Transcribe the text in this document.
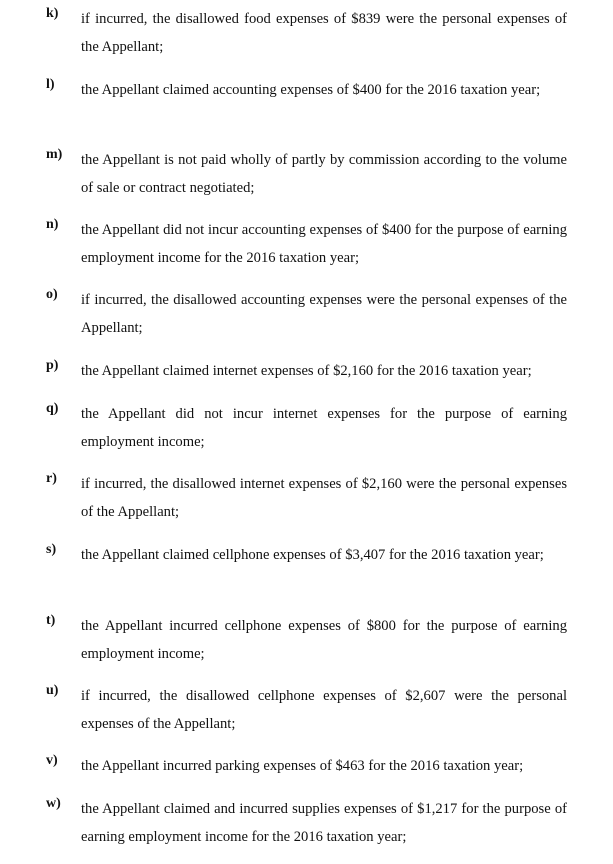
k) if incurred, the disallowed food expenses of $839 were the personal expenses of the Appellant;
l) the Appellant claimed accounting expenses of $400 for the 2016 taxation year;
m) the Appellant is not paid wholly of partly by commission according to the volume of sale or contract negotiated;
n) the Appellant did not incur accounting expenses of $400 for the purpose of earning employment income for the 2016 taxation year;
o) if incurred, the disallowed accounting expenses were the personal expenses of the Appellant;
p) the Appellant claimed internet expenses of $2,160 for the 2016 taxation year;
q) the Appellant did not incur internet expenses for the purpose of earning employment income;
r) if incurred, the disallowed internet expenses of $2,160 were the personal expenses of the Appellant;
s) the Appellant claimed cellphone expenses of $3,407 for the 2016 taxation year;
t) the Appellant incurred cellphone expenses of $800 for the purpose of earning employment income;
u) if incurred, the disallowed cellphone expenses of $2,607 were the personal expenses of the Appellant;
v) the Appellant incurred parking expenses of $463 for the 2016 taxation year;
w) the Appellant claimed and incurred supplies expenses of $1,217 for the purpose of earning employment income for the 2016 taxation year;
